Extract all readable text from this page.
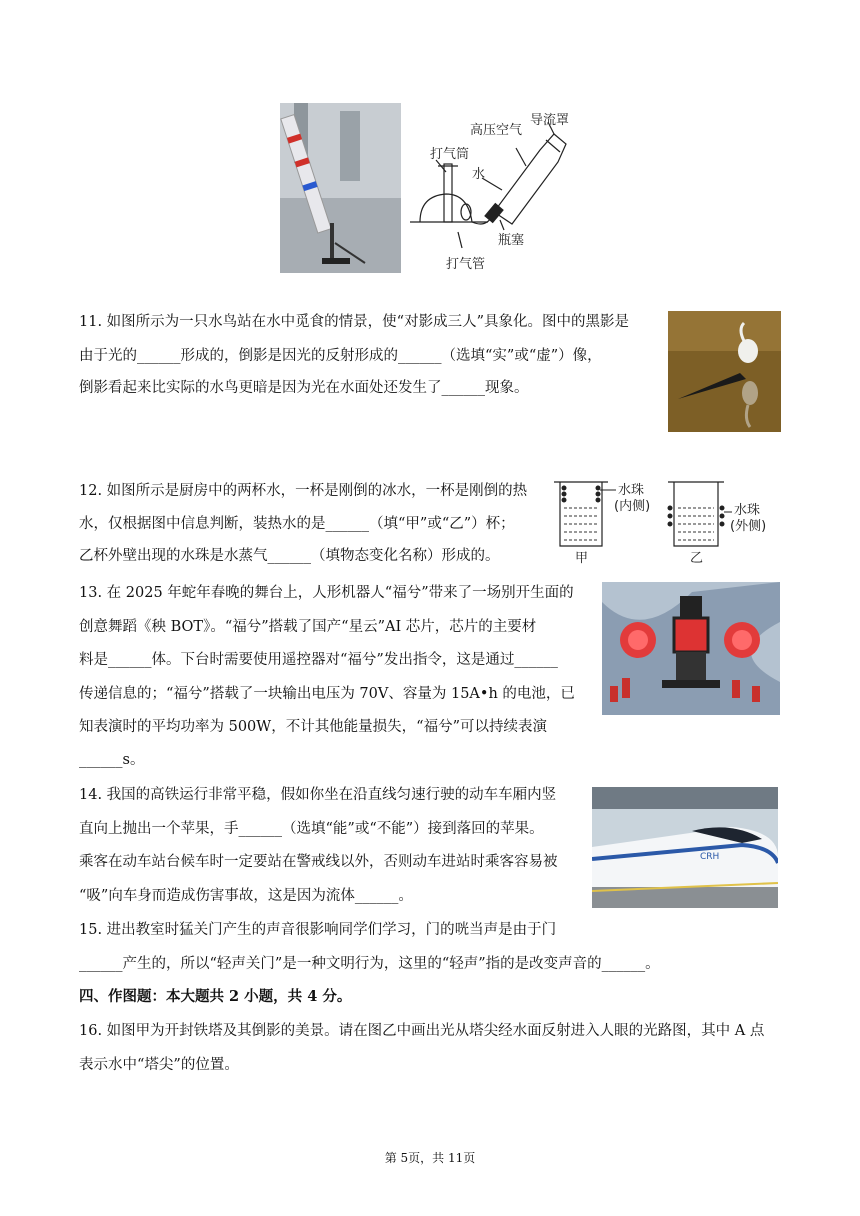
导流罩
高压空气
打气筒
水
瓶塞
打气管
11. 如图所示为一只水鸟站在水中觅食的情景，使“对影成三人”具象化。图中的黑影是
由于光的______形成的，倒影是因光的反射形成的______（选填“实”或“虚”）像，
倒影看起来比实际的水鸟更暗是因为光在水面处还发生了______现象。
12. 如图所示是厨房中的两杯水，一杯是刚倒的冰水，一杯是刚倒的热
水，仅根据图中信息判断，装热水的是______（填“甲”或“乙”）杯；
乙杯外壁出现的水珠是水蒸气______（填物态变化名称）形成的。
水珠
(内侧)	水珠
(外侧)
甲	乙
13. 在 2025 年蛇年春晚的舞台上，人形机器人“福兮”带来了一场别开生面的
创意舞蹈《秧 BOT》。“福兮”搭载了国产“星云”AI 芯片，芯片的主要材
料是______体。下台时需要使用遥控器对“福兮”发出指令，这是通过______
传递信息的；“福兮”搭载了一块输出电压为 70V、容量为 15A•h 的电池，已
知表演时的平均功率为 500W，不计其他能量损失，“福兮”可以持续表演
______s。
14. 我国的高铁运行非常平稳，假如你坐在沿直线匀速行驶的动车车厢内竖
直向上抛出一个苹果，手______（选填“能”或“不能”）接到落回的苹果。
乘客在动车站台候车时一定要站在警戒线以外，否则动车进站时乘客容易被
“吸”向车身而造成伤害事故，这是因为流体______。
CRH
15. 进出教室时猛关门产生的声音很影响同学们学习，门的咣当声是由于门
______产生的，所以“轻声关门”是一种文明行为，这里的“轻声”指的是改变声音的______。
四、作图题：本大题共 2 小题，共 4 分。
16. 如图甲为开封铁塔及其倒影的美景。请在图乙中画出光从塔尖经水面反射进入人眼的光路图，其中 A 点
表示水中“塔尖”的位置。
第 5页，共 11页
